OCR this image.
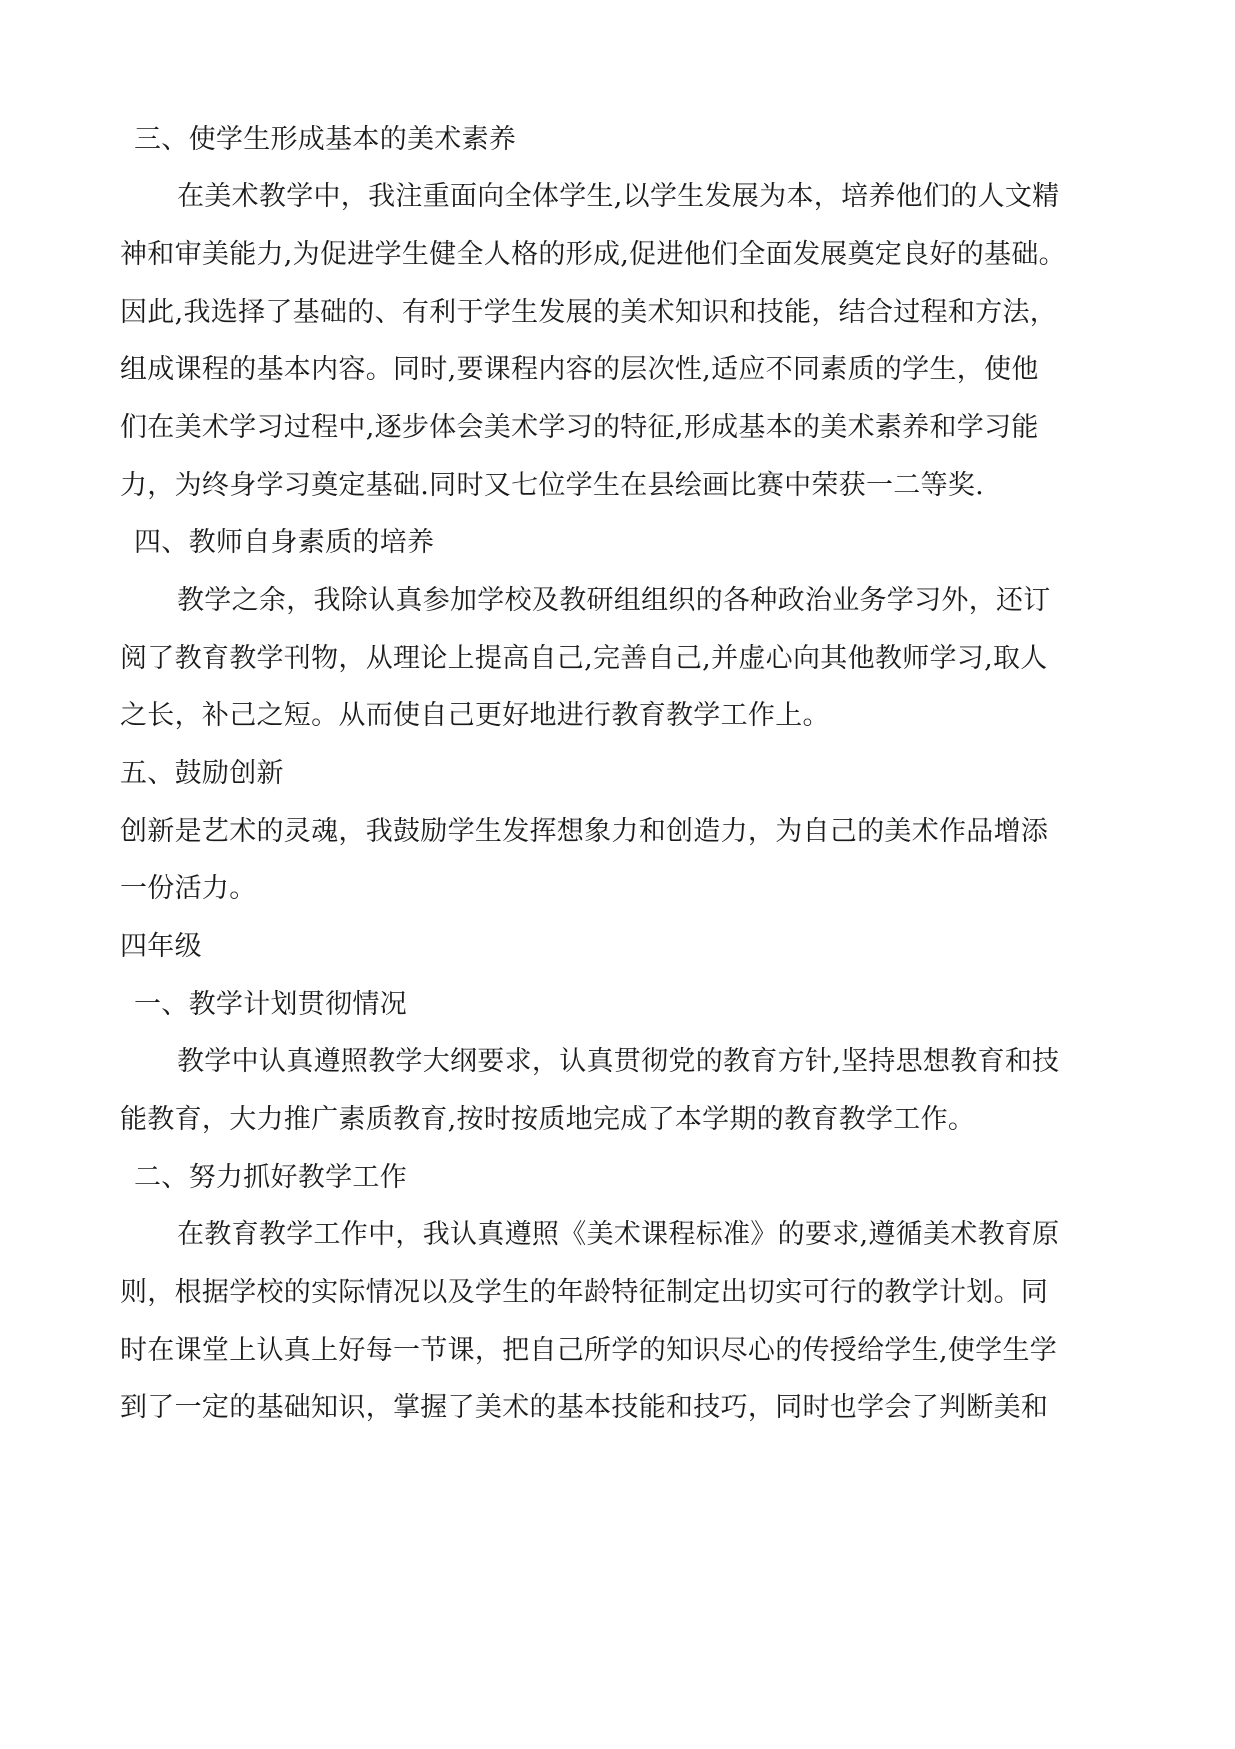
三、使学生形成基本的美术素养
在美术教学中，我注重面向全体学生,以学生发展为本，培养他们的人文精
神和审美能力,为促进学生健全人格的形成,促进他们全面发展奠定良好的基础。
因此,我选择了基础的、有利于学生发展的美术知识和技能，结合过程和方法，
组成课程的基本内容。同时,要课程内容的层次性,适应不同素质的学生，使他
们在美术学习过程中,逐步体会美术学习的特征,形成基本的美术素养和学习能
力，为终身学习奠定基础.同时又七位学生在县绘画比赛中荣获一二等奖.
四、教师自身素质的培养
教学之余，我除认真参加学校及教研组组织的各种政治业务学习外，还订
阅了教育教学刊物，从理论上提高自己,完善自己,并虚心向其他教师学习,取人
之长，补己之短。从而使自己更好地进行教育教学工作上。
五、鼓励创新
创新是艺术的灵魂，我鼓励学生发挥想象力和创造力，为自己的美术作品增添
一份活力。
四年级
一、教学计划贯彻情况
教学中认真遵照教学大纲要求，认真贯彻党的教育方针,坚持思想教育和技
能教育，大力推广素质教育,按时按质地完成了本学期的教育教学工作。
二、努力抓好教学工作
在教育教学工作中，我认真遵照《美术课程标准》的要求,遵循美术教育原
则，根据学校的实际情况以及学生的年龄特征制定出切实可行的教学计划。同
时在课堂上认真上好每一节课，把自己所学的知识尽心的传授给学生,使学生学
到了一定的基础知识，掌握了美术的基本技能和技巧，同时也学会了判断美和
